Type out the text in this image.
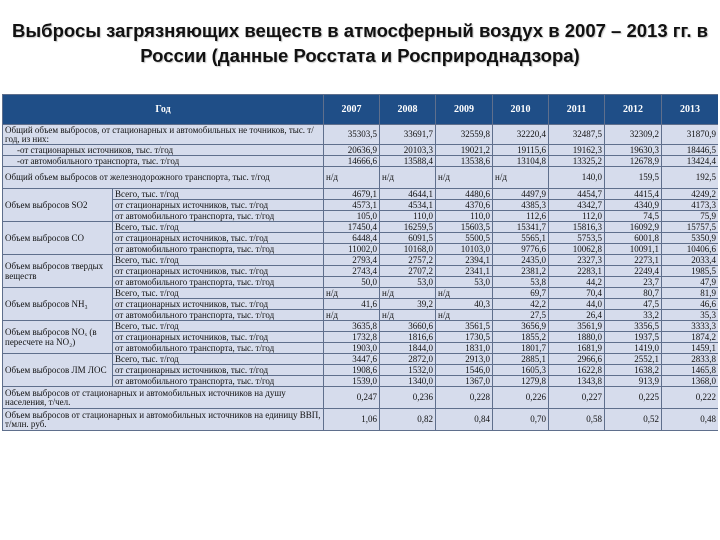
Выбросы загрязняющих веществ в атмосферный воздух в 2007 – 2013 гг. в России (данные Росстата и Росприроднадзора)
Год		2007	2008	2009	2010	2011	2012	2013
Общий объем выбросов, от стационарных и автомобильных не точников, тыс. т/год, из них:		35303,5	33691,7	32559,8	32220,4	32487,5	32309,2	31870,9
-от стационарных источников, тыс. т/год		20636,9	20103,3	19021,2	19115,6	19162,3	19630,3	18446,5
-от автомобильного транспорта, тыс. т/год		14666,6	13588,4	13538,6	13104,8	13325,2	12678,9	13424,4
Общий объем выбросов от железнодорожного транспорта, тыс. т/год		н/д	н/д	н/д	н/д	140,0	159,5	192,5
Объем выбросов SO2	Всего, тыс. т/год	4679,1	4644,1	4480,6	4497,9	4454,7	4415,4	4249,2
	от стационарных источников, тыс. т/год	4573,1	4534,1	4370,6	4385,3	4342,7	4340,9	4173,3
	от автомобильного транспорта, тыс. т/год	105,0	110,0	110,0	112,6	112,0	74,5	75,9
Объем выбросов СО	Всего, тыс. т/год	17450,4	16259,5	15603,5	15341,7	15816,3	16092,9	15757,5
	от стационарных источников, тыс. т/год	6448,4	6091,5	5500,5	5565,1	5753,5	6001,8	5350,9
	от автомобильного транспорта, тыс. т/год	11002,0	10168,0	10103,0	9776,6	10062,8	10091,1	10406,6
Объем выбросов твердых веществ	Всего, тыс. т/год	2793,4	2757,2	2394,1	2435,0	2327,3	2273,1	2033,4
	от стационарных источников, тыс. т/год	2743,4	2707,2	2341,1	2381,2	2283,1	2249,4	1985,5
	от автомобильного транспорта, тыс. т/год	50,0	53,0	53,0	53,8	44,2	23,7	47,9
Объем выбросов NH₃	Всего, тыс. т/год	н/д	н/д	н/д	69,7	70,4	80,7	81,9
	от стационарных источников, тыс. т/год	41,6	39,2	40,3	42,2	44,0	47,5	46,6
	от автомобильного транспорта, тыс. т/год	н/д	н/д	н/д	27,5	26,4	33,2	35,3
Объем выбросов NOₓ (в пересчете на NO₂)	Всего, тыс. т/год	3635,8	3660,6	3561,5	3656,9	3561,9	3356,5	3333,3
	от стационарных источников, тыс. т/год	1732,8	1816,6	1730,5	1855,2	1880,0	1937,5	1874,2
	от автомобильного транспорта, тыс. т/год	1903,0	1844,0	1831,0	1801,7	1681,9	1419,0	1459,1
Объем выбросов ЛМ ЛОС	Всего, тыс. т/год	3447,6	2872,0	2913,0	2885,1	2966,6	2552,1	2833,8
	от стационарных источников, тыс. т/год	1908,6	1532,0	1546,0	1605,3	1622,8	1638,2	1465,8
	от автомобильного транспорта, тыс. т/год	1539,0	1340,0	1367,0	1279,8	1343,8	913,9	1368,0
Объем выбросов от стационарных и автомобильных источников на душу населения, т/чел.		0,247	0,236	0,228	0,226	0,227	0,225	0,222
Объем выбросов от стационарных и автомобильных источников на единицу ВВП, т/млн. руб.		1,06	0,82	0,84	0,70	0,58	0,52	0,48
